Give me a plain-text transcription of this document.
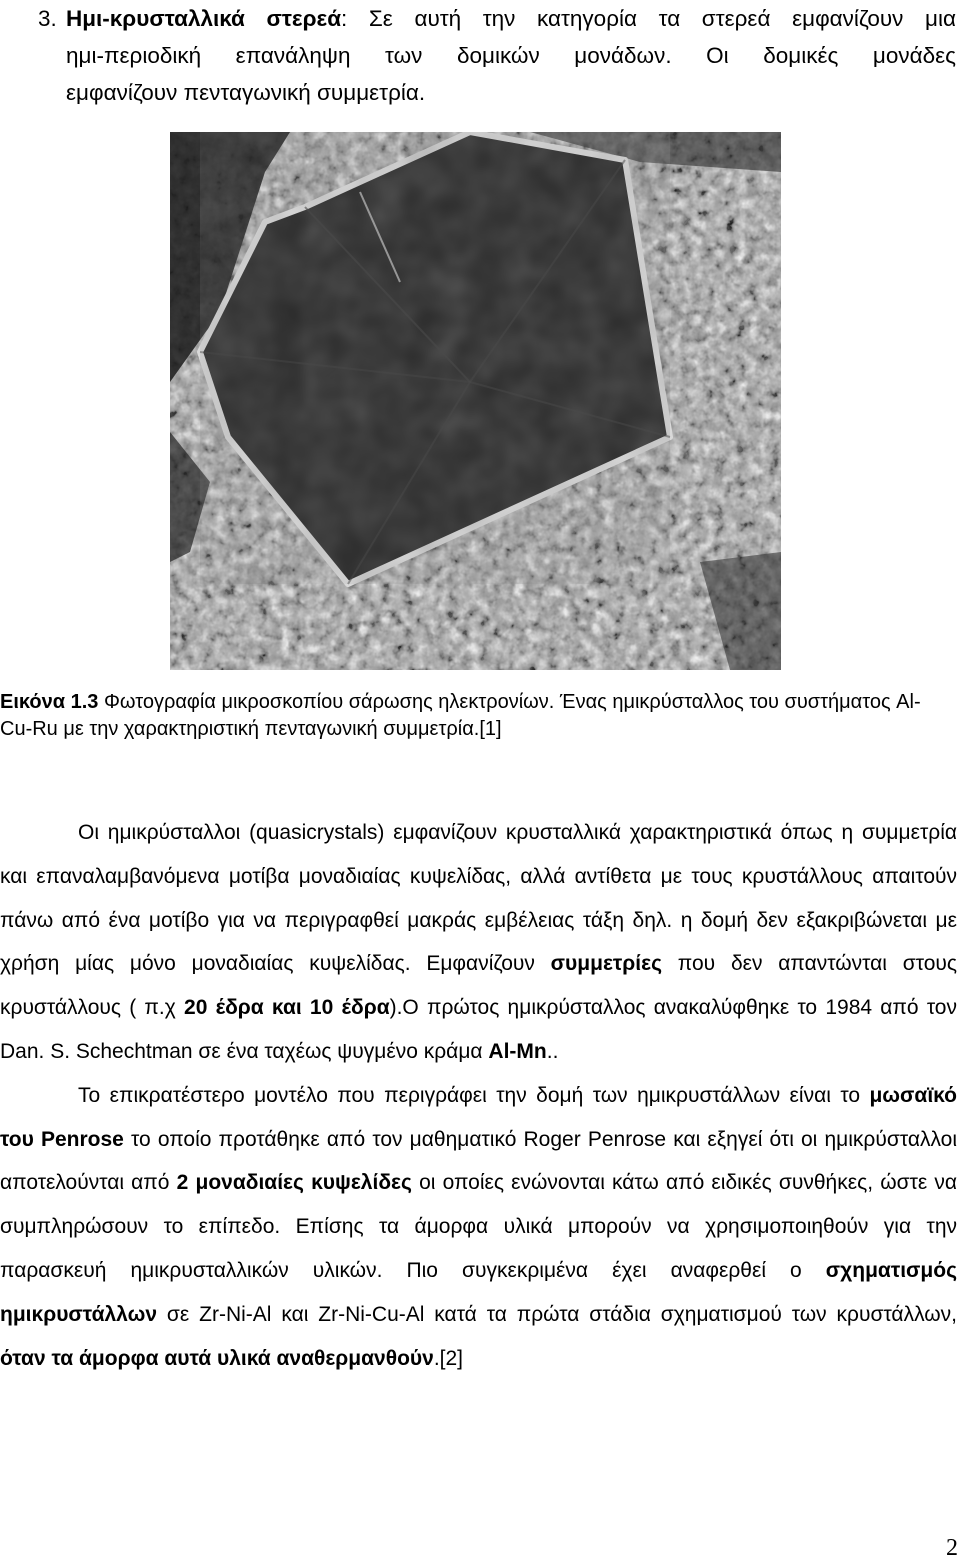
3. Ημι-κρυσταλλικά στερεά: Σε αυτή την κατηγορία τα στερεά εμφανίζουν μια
ημι-περιοδική επανάληψη των δομικών μονάδων. Οι δομικές μονάδες
εμφανίζουν πενταγωνική συμμετρία.
Εικόνα 1.3 Φωτογραφία μικροσκοπίου σάρωσης ηλεκτρονίων. Ένας ημικρύσταλλος του συστήματος Al-Cu-Ru με την χαρακτηριστική πενταγωνική συμμετρία.[1]

Οι ημικρύσταλλοι (quasicrystals) εμφανίζουν κρυσταλλικά χαρακτηριστικά όπως η συμμετρία και επαναλαμβανόμενα μοτίβα μοναδιαίας κυψελίδας, αλλά αντίθετα με τους κρυστάλλους απαιτούν πάνω από ένα μοτίβο για να περιγραφθεί μακράς εμβέλειας τάξη δηλ. η δομή δεν εξακριβώνεται με χρήση μίας μόνο μοναδιαίας κυψελίδας. Εμφανίζουν συμμετρίες που δεν απαντώνται στους κρυστάλλους ( π.χ 20 έδρα και 10 έδρα).Ο πρώτος ημικρύσταλλος ανακαλύφθηκε το 1984 από τον Dan. S. Schechtman σε ένα ταχέως ψυγμένο κράμα Al-Mn..

Το επικρατέστερο μοντέλο που περιγράφει την δομή των ημικρυστάλλων είναι το μωσαϊκό του Penrose το οποίο προτάθηκε από τον μαθηματικό Roger Penrose και εξηγεί ότι οι ημικρύσταλλοι αποτελούνται από 2 μοναδιαίες κυψελίδες οι οποίες ενώνονται κάτω από ειδικές συνθήκες, ώστε να συμπληρώσουν το επίπεδο. Επίσης τα άμορφα υλικά μπορούν να χρησιμοποιηθούν για την παρασκευή ημικρυσταλλικών υλικών. Πιο συγκεκριμένα έχει αναφερθεί ο σχηματισμός ημικρυστάλλων σε Zr-Ni-Al και Zr-Ni-Cu-Al κατά τα πρώτα στάδια σχηματισμού των κρυστάλλων, όταν τα άμορφα αυτά υλικά αναθερμανθούν.[2]

2
